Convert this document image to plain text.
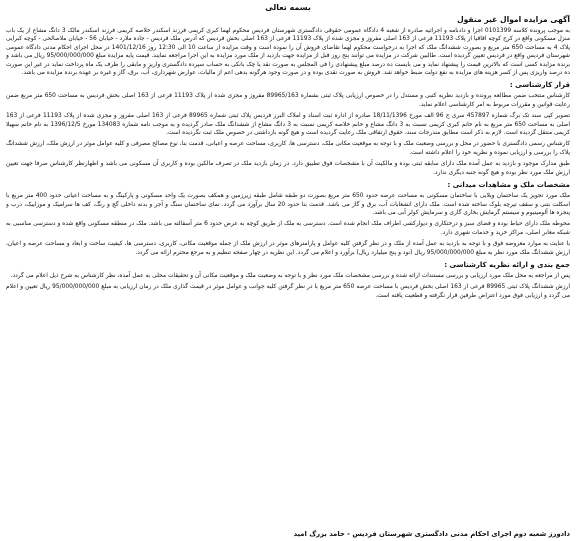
بسمه تعالی
آگهی مزایده اموال غیر منقول

به موجب پرونده کلاسه 0101399 اجرا و دادنامه و اجرائیه صادره از شعبه 4 دادگاه عمومی حقوقی دادگستری شهرستان فردیس محکوم لهما کبری کریمی فرزند اسکندر خلاصه کریمی فرزند اسکندر مالک 3 دانگ مشاع از یک باب منزل مسکونی واقع در کرج کوچه اقاقیا از پلاک 11193 فرعی از 163 اصلی مفروز و مجزی شده از پلاک 11193 فرعی از 163 اصلی بخش فردیس که آدرس ملک فردیس - جاده ملارد - خیابان 56 - خیابان ملاصالحی - کوچه کبرایی پلاک 4 به مساحت 650 متر مربع و بصورت ششدانگ ملک که اجرا به درخواست محکوم لهما تقاضای فروش آن را نموده است و وقت مزایده از ساعت 10 الی 12:30 روز 1401/12/16 در محل اجرای احکام مدنی دادگاه عمومی شهرستان فردیس واقع در فردیس تعیین گردیده است. طالبین شرکت در مزایده می توانند پنج روز قبل از مزایده جهت بازدید از ملک مورد مزایده به این اجرا مراجعه نمایند. قیمت پایه مزایده مبلغ 95/000/000/000 ریال می باشد و برنده مزایده کسی است که بالاترین قیمت را پیشنهاد نماید و می بایست ده درصد مبلغ پیشنهادی را فی المجلس به صورت نقد یا چک بانکی به حساب سپرده دادگستری واریز و مابقی را ظرف یک ماه پرداخت نماید در غیر این صورت ده درصد واریزی پس از کسر هزینه های مزایده به نفع دولت ضبط خواهد شد. فروش به صورت نقدی بوده و در صورت وجود هرگونه بدهی اعم از مالیات، عوارض شهرداری، آب، برق، گاز و غیره بر عهده برنده مزایده می باشد.

قرار کارشناسی :

کارشناس منتخب ضمن مطالعه پرونده و بازدید نظریه کتبی و مستدل را در خصوص ارزیابی پلاک ثبتی بشماره 89965/163 مفروز و مجزی شده از پلاک 11193 فرعی از 163 اصلی بخش فردیس به مساحت 650 متر مربع ضمن رعایت قوانین و مقررات مربوط به امر کارشناسی اعلام نماید.

تصویر کپی سند تک برگ شماره 457897 سری ج 96 الف مورخ 18/11/1396 صادره از اداره ثبت اسناد و املاک البرز فردیس پلاک ثبتی شماره 89965 فرعی از 163 اصلی مفروز و مجزی شده از پلاک 11193 فرعی از 163 اصلی به مساحت 650 متر مربع به نام خانم کبری کریمی نسبت به 3 دانگ مشاع و خانم خلاصه کریمی نسبت به 3 دانگ مشاع از ششدانگ ملک صادر گردیده و به موجب نامه شماره 134083 مورخ 1396/12/5 به نام خانم سهیلا کریمی منتقل گردیده است. لازم به ذکر است مطابق مندرجات سند، حقوق ارتفاقی ملک رعایت گردیده است و هیچ گونه بازداشتی در خصوص ملک ثبت نگردیده است.

کارشناس رسمی دادگستری با حضور در محل و بررسی وضعیت ملک و با توجه به موقعیت مکانی ملک، دسترسی ها، کاربری، مساحت عرصه و اعیانی، قدمت بنا، نوع مصالح مصرفی و کلیه عوامل موثر در ارزش ملک، ارزش ششدانگ پلاک را بررسی و ارزیابی نموده و نظریه خود را اعلام داشته است.

طبق مدارک موجود و بازدید به عمل آمده ملک دارای سابقه ثبتی بوده و مالکیت آن با مشخصات فوق تطبیق دارد. در زمان بازدید ملک در تصرف مالکین بوده و کاربری آن مسکونی می باشد و اظهارنظر کارشناس صرفا جهت تعیین ارزش ملک مورد نظر بوده و هیچ گونه جنبه دیگری ندارد.

مشخصات ملک و مشاهدات میدانی :

ملک مورد تجویز یک ساختمان ویلایی با ساختمان مسکونی به مساحت عرصه حدود 650 متر مربع بصورت دو طبقه شامل طبقه زیرزمین و همکف بصورت یک واحد مسکونی و پارکینگ و به مساحت اعیانی حدود 400 متر مربع با اسکلت بتنی و سقف تیرچه بلوک ساخته شده است. ملک دارای انشعابات آب، برق و گاز می باشد. قدمت بنا حدود 20 سال برآورد می گردد. نمای ساختمان سنگ و آجر و بدنه داخلی گچ و رنگ، کف ها سرامیک و موزاییک، درب و پنجره ها آلومینیوم و سیستم گرمایش بخاری گازی و سرمایش کولر آبی می باشد.

محوطه ملک دارای حیاط بوده و فضای سبز و درختکاری و دیوارکشی اطراف ملک انجام شده است. دسترسی به ملک از طریق کوچه به عرض حدود 6 متر آسفالته می باشد. ملک در منطقه مسکونی واقع شده و دسترسی مناسبی به شبکه معابر اصلی، مراکز خرید و خدمات شهری دارد.

با عنایت به موارد معروضه فوق و با توجه به بازدید به عمل آمده از ملک و در نظر گرفتن کلیه عوامل و پارامترهای موثر در ارزش ملک از جمله موقعیت مکانی، کاربری، دسترسی ها، کیفیت ساخت و ابعاد و مساحت عرصه و اعیان، ارزش ششدانگ ملک مورد نظر به مبلغ 95/000/000/000 ریال (نود و پنج میلیارد ریال) برآورد و اعلام می گردد. این نظریه در چهار صفحه تنظیم و به مرجع محترم ارائه می گردد.

جمع بندی و ارائه نظریه کارشناسی :

پس از مراجعه به محل ملک مورد ارزیابی و بررسی مستندات ارائه شده و بررسی مشخصات ملک مورد نظر و با توجه به وضعیت ملک و موقعیت مکانی آن و تحقیقات محلی به عمل آمده، نظر کارشناس به شرح ذیل اعلام می گردد.

ارزش ششدانگ پلاک ثبتی 89965 فرعی از 163 اصلی بخش فردیس با مساحت عرصه 650 متر مربع با در نظر گرفتن کلیه جوانب و عوامل موثر در قیمت گذاری ملک در زمان ارزیابی به مبلغ 95/000/000/000 ریال تعیین و اعلام می گردد و ارزیابی فوق مورد اعتراض طرفین قرار نگرفته و قطعیت یافته است.

دادورز شعبه دوم اجرای احکام مدنی دادگستری شهرستان فردیس - حامد بزرگ امید
